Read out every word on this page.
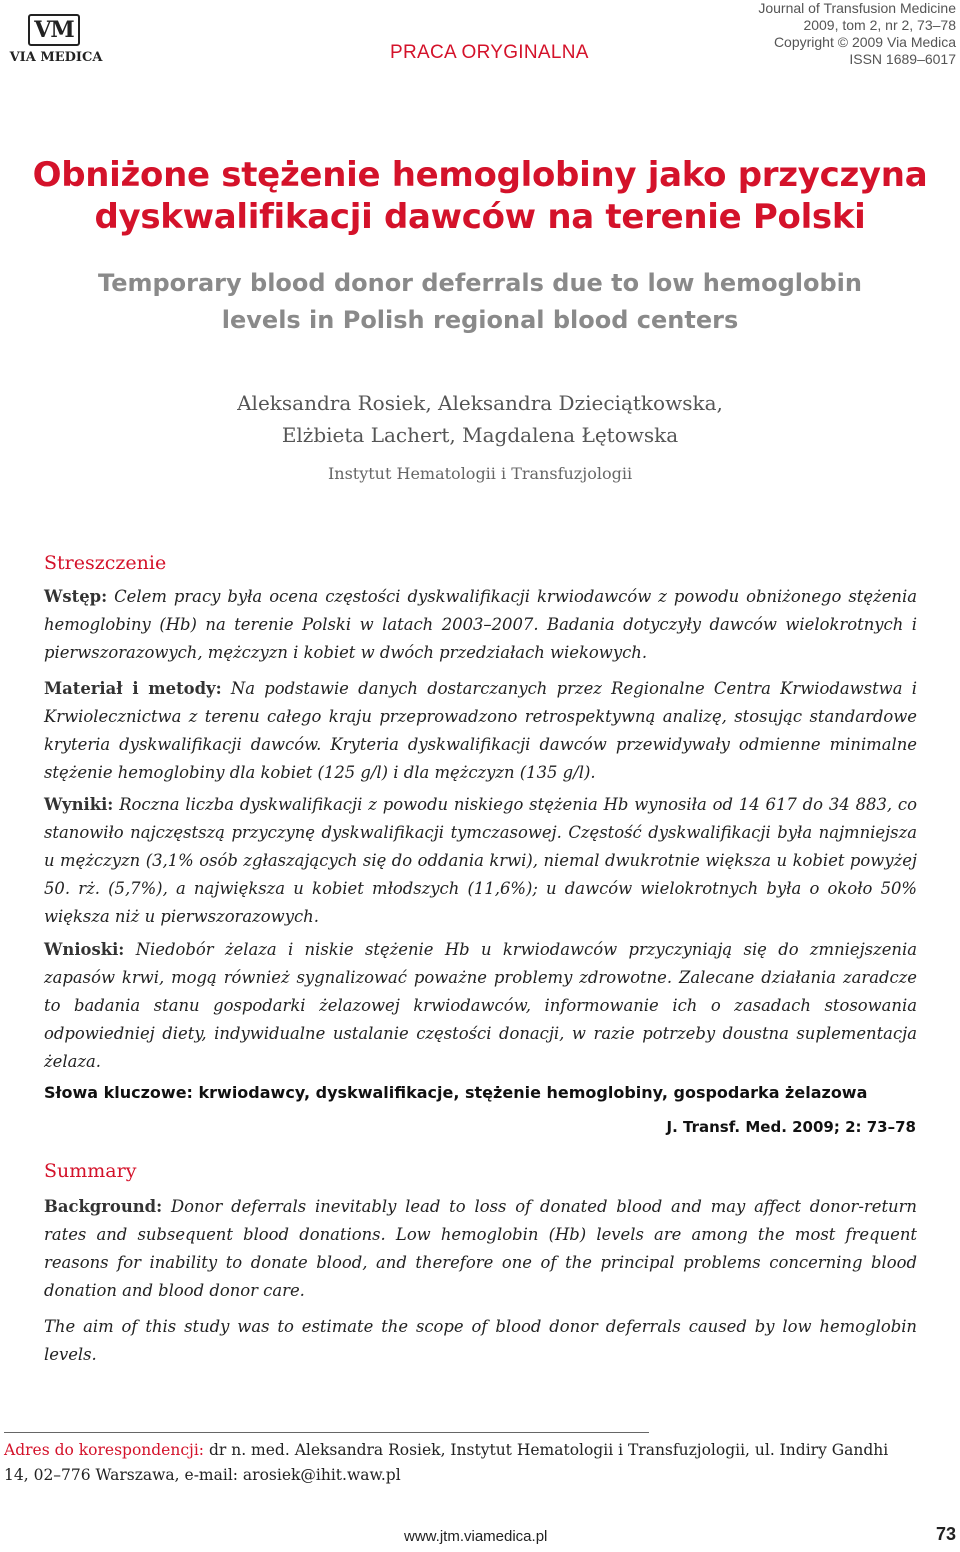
VM
VIA MEDICA	PRACA ORYGINALNA
Journal of Transfusion Medicine
2009, tom 2, nr 2, 73–78
Copyright © 2009 Via Medica
ISSN 1689–6017
Obniżone stężenie hemoglobiny jako przyczyna
dyskwalifikacji dawców na terenie Polski
Temporary blood donor deferrals due to low hemoglobin
levels in Polish regional blood centers
Aleksandra Rosiek, Aleksandra Dzieciątkowska,
Elżbieta Lachert, Magdalena Łętowska
Instytut Hematologii i Transfuzjologii
Streszczenie
Wstęp: Celem pracy była ocena częstości dyskwalifikacji krwiodawców z powodu obniżonego stężenia hemoglobiny (Hb) na terenie Polski w latach 2003–2007. Badania dotyczyły dawców wielokrotnych i pierwszorazowych, mężczyzn i kobiet w dwóch przedziałach wiekowych.
Materiał i metody: Na podstawie danych dostarczanych przez Regionalne Centra Krwiodawstwa i Krwiolecznictwa z terenu całego kraju przeprowadzono retrospektywną analizę, stosując standardowe kryteria dyskwalifikacji dawców. Kryteria dyskwalifikacji dawców przewidywały odmienne minimalne stężenie hemoglobiny dla kobiet (125 g/l) i dla mężczyzn (135 g/l).
Wyniki: Roczna liczba dyskwalifikacji z powodu niskiego stężenia Hb wynosiła od 14 617 do 34 883, co stanowiło najczęstszą przyczynę dyskwalifikacji tymczasowej. Częstość dyskwalifikacji była najmniejsza u mężczyzn (3,1% osób zgłaszających się do oddania krwi), niemal dwukrotnie większa u kobiet powyżej 50. rż. (5,7%), a największa u kobiet młodszych (11,6%); u dawców wielokrotnych była o około 50% większa niż u pierwszorazowych.
Wnioski: Niedobór żelaza i niskie stężenie Hb u krwiodawców przyczyniają się do zmniejszenia zapasów krwi, mogą również sygnalizować poważne problemy zdrowotne. Zalecane działania zaradcze to badania stanu gospodarki żelazowej krwiodawców, informowanie ich o zasadach stosowania odpowiedniej diety, indywidualne ustalanie częstości donacji, w razie potrzeby doustna suplementacja żelaza.
Słowa kluczowe: krwiodawcy, dyskwalifikacje, stężenie hemoglobiny, gospodarka żelazowa
J. Transf. Med. 2009; 2: 73–78
Summary
Background: Donor deferrals inevitably lead to loss of donated blood and may affect donor-return rates and subsequent blood donations. Low hemoglobin (Hb) levels are among the most frequent reasons for inability to donate blood, and therefore one of the principal problems concerning blood donation and blood donor care.
The aim of this study was to estimate the scope of blood donor deferrals caused by low hemoglobin levels.
Adres do korespondencji: dr n. med. Aleksandra Rosiek, Instytut Hematologii i Transfuzjologii, ul. Indiry Gandhi 14, 02–776 Warszawa, e-mail: arosiek@ihit.waw.pl
www.jtm.viamedica.pl	73
